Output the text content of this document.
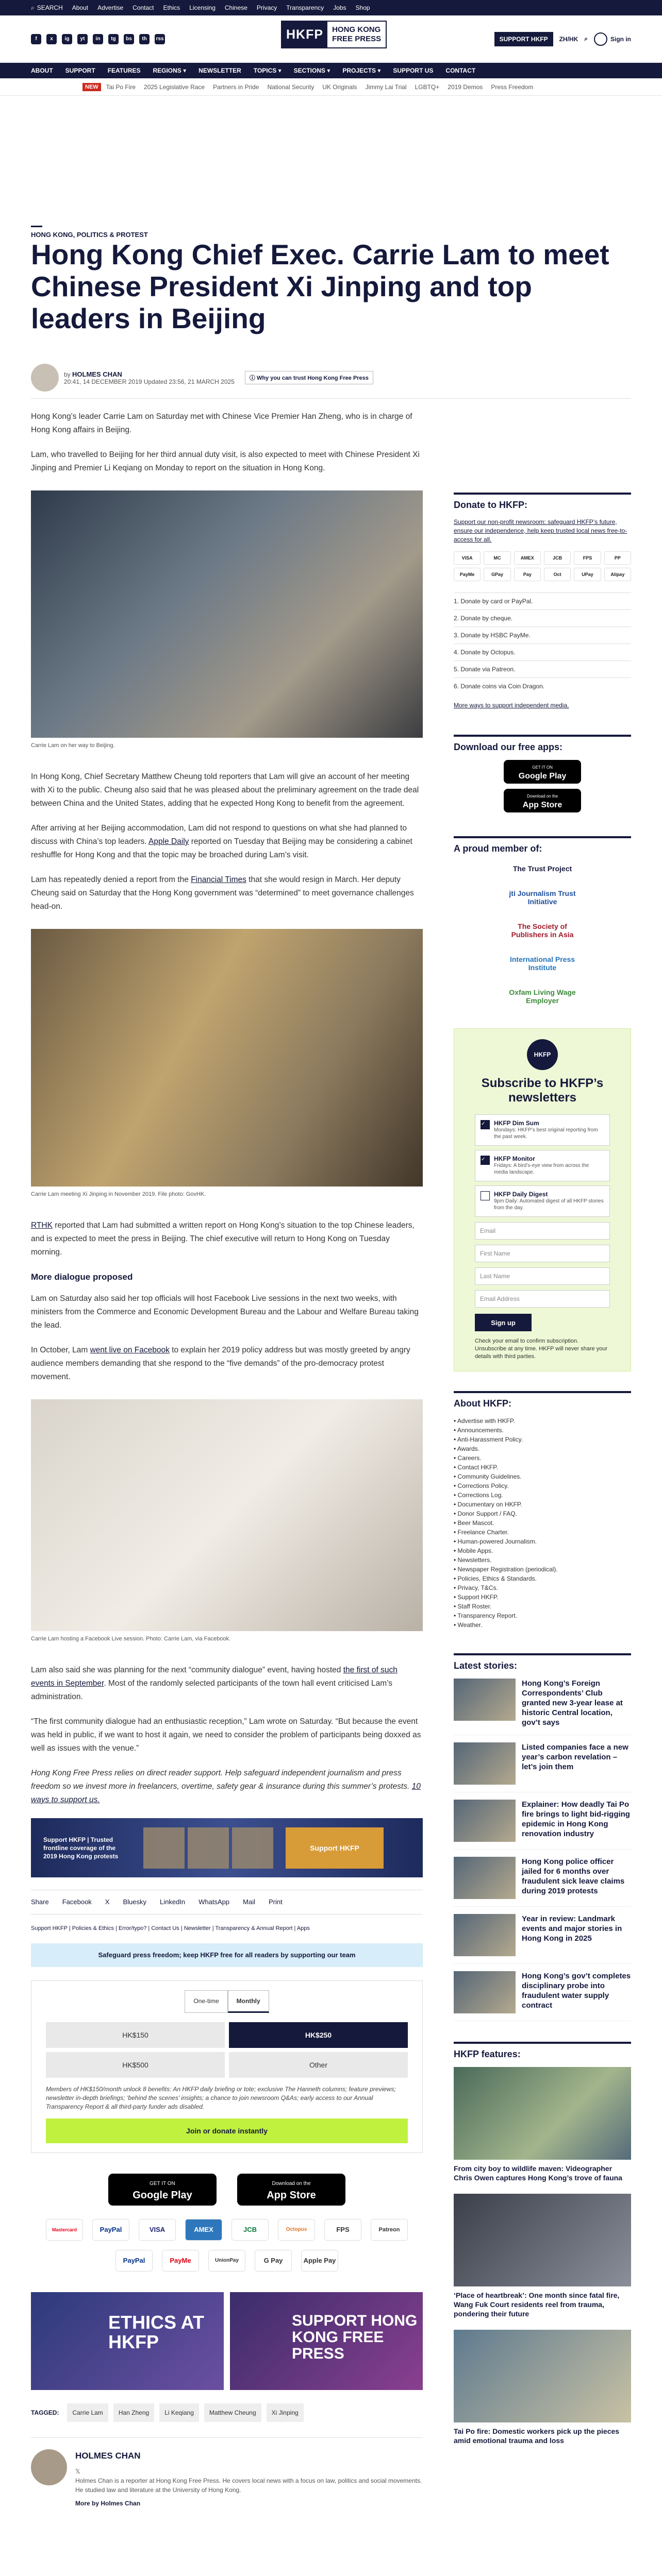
⌕ SEARCH About Advertise Contact Ethics Licensing Chinese Privacy Transparency Jobs Shop
f	x	ig	yt	in	tg	bs	th	rss	HKFP	HONG KONG
FREE PRESS	SUPPORT HKFP	ZH/HK ⌕	Sign in
ABOUT SUPPORT FEATURES REGIONS ▾ NEWSLETTER TOPICS ▾ SECTIONS ▾ PROJECTS ▾ SUPPORT US CONTACT
NEW	Tai Po Fire 2025 Legislative Race Partners in Pride National Security UK Originals Jimmy Lai Trial LGBTQ+ 2019 Demos Press Freedom
HONG KONG, POLITICS & PROTEST
Hong Kong Chief Exec. Carrie Lam to meet Chinese President Xi Jinping and top leaders in Beijing
by HOLMES CHAN
20:41, 14 DECEMBER 2019 Updated 23:56, 21 MARCH 2025	ⓘ Why you can trust Hong Kong Free Press

Hong Kong’s leader Carrie Lam on Saturday met with Chinese Vice Premier Han Zheng, who is in charge of Hong Kong affairs in Beijing.

Lam, who travelled to Beijing for her third annual duty visit, is also expected to meet with Chinese President Xi Jinping and Premier Li Keqiang on Monday to report on the situation in Hong Kong.

Carrie Lam on her way to Beijing.

In Hong Kong, Chief Secretary Matthew Cheung told reporters that Lam will give an account of her meeting with Xi to the public. Cheung also said that he was pleased about the preliminary agreement on the trade deal between China and the United States, adding that he expected Hong Kong to benefit from the agreement.

After arriving at her Beijing accommodation, Lam did not respond to questions on what she had planned to discuss with China’s top leaders. Apple Daily reported on Tuesday that Beijing may be considering a cabinet reshuffle for Hong Kong and that the topic may be broached during Lam’s visit.

Lam has repeatedly denied a report from the Financial Times that she would resign in March. Her deputy Cheung said on Saturday that the Hong Kong government was “determined” to meet governance challenges head-on.

Carrie Lam meeting Xi Jinping in November 2019. File photo: GovHK.

RTHK reported that Lam had submitted a written report on Hong Kong’s situation to the top Chinese leaders, and is expected to meet the press in Beijing. The chief executive will return to Hong Kong on Tuesday morning.

More dialogue proposed

Lam on Saturday also said her top officials will host Facebook Live sessions in the next two weeks, with ministers from the Commerce and Economic Development Bureau and the Labour and Welfare Bureau taking the lead.

In October, Lam went live on Facebook to explain her 2019 policy address but was mostly greeted by angry audience members demanding that she respond to the “five demands” of the pro-democracy protest movement.

Carrie Lam hosting a Facebook Live session. Photo: Carrie Lam, via Facebook.

Lam also said she was planning for the next “community dialogue” event, having hosted the first of such events in September. Most of the randomly selected participants of the town hall event criticised Lam’s administration.

“The first community dialogue had an enthusiastic reception,” Lam wrote on Saturday. “But because the event was held in public, if we want to host it again, we need to consider the problem of participants being doxxed as well as issues with the venue.”

Hong Kong Free Press relies on direct reader support. Help safeguard independent journalism and press freedom so we invest more in freelancers, overtime, safety gear & insurance during this summer’s protests. 10 ways to support us.

Support HKFP | Trusted frontline coverage of the 2019 Hong Kong protests
Support HKFP
Share Facebook X Bluesky LinkedIn WhatsApp Mail Print
Support HKFP | Policies & Ethics | Error/typo? | Contact Us | Newsletter | Transparency & Annual Report | Apps
Safeguard press freedom; keep HKFP free for all readers by supporting our team
One-time	Monthly
HK$150	HK$250
HK$500	Other
Members of HK$150/month unlock 8 benefits: An HKFP daily briefing or tote; exclusive The Hanneth columns; feature previews; newsletter in-depth briefings; ‘behind the scenes’ insights; a chance to join newsroom Q&As; early access to our Annual Transparency Report & all third-party funder ads disabled.
Join or donate instantly
GET IT ON
Google Play
Download on the
App Store
Mastercard	PayPal	VISA	AMEX	JCB	Octopus	FPS	Patreon
PayPal	PayMe	UnionPay	G Pay	Apple Pay
ETHICS AT HKFP
SUPPORT HONG KONG FREE PRESS
TAGGED:	Carrie Lam	Han Zheng	Li Keqiang	Matthew Cheung	Xi Jinping
HOLMES CHAN
𝕏
Holmes Chan is a reporter at Hong Kong Free Press. He covers local news with a focus on law, politics and social movements. He studied law and literature at the University of Hong Kong.
More by Holmes Chan
Donate to HKFP:
Support our non-profit newsroom: safeguard HKFP’s future, ensure our independence, help keep trusted local news free-to-access for all.
VISA	MC	AMEX	JCB	FPS	PP
PayMe	GPay	Pay	Oct	UPay	Alipay
1. Donate by card or PayPal.
2. Donate by cheque.
3. Donate by HSBC PayMe.
4. Donate by Octopus.
5. Donate via Patreon.
6. Donate coins via Coin Dragon.
More ways to support independent media.
Download our free apps:
GET IT ON
Google Play
Download on the
App Store
A proud member of:
The Trust Project
jti Journalism Trust Initiative
The Society of Publishers in Asia
International Press Institute
Oxfam Living Wage Employer
HKFP
Subscribe to HKFP’s newsletters
✓	HKFP Dim Sum
Mondays: HKFP’s best original reporting from the past week.
✓	HKFP Monitor
Fridays: A bird’s-eye view from across the media landscape.
HKFP Daily Digest
9pm Daily: Automated digest of all HKFP stories from the day.
Email
First Name
Last Name
Email Address
Sign up
Check your email to confirm subscription. Unsubscribe at any time. HKFP will never share your details with third parties.
About HKFP:
• Advertise with HKFP.
• Announcements.
• Anti-Harassment Policy.
• Awards.
• Careers.
• Contact HKFP.
• Community Guidelines.
• Corrections Policy.
• Corrections Log.
• Documentary on HKFP.
• Donor Support / FAQ.
• Beer Mascot.
• Freelance Charter.
• Human-powered Journalism.
• Mobile Apps.
• Newsletters.
• Newspaper Registration (periodical).
• Policies, Ethics & Standards.
• Privacy, T&Cs.
• Support HKFP.
• Staff Roster.
• Transparency Report.
• Weather.
Latest stories:
Hong Kong’s Foreign Correspondents’ Club granted new 3-year lease at historic Central location, gov’t says
Listed companies face a new year’s carbon revelation – let’s join them
Explainer: How deadly Tai Po fire brings to light bid-rigging epidemic in Hong Kong renovation industry
Hong Kong police officer jailed for 6 months over fraudulent sick leave claims during 2019 protests
Year in review: Landmark events and major stories in Hong Kong in 2025
Hong Kong’s gov’t completes disciplinary probe into fraudulent water supply contract
HKFP features:
From city boy to wildlife maven: Videographer Chris Owen captures Hong Kong’s trove of fauna
‘Place of heartbreak’: One month since fatal fire, Wang Fuk Court residents reel from trauma, pondering their future
Tai Po fire: Domestic workers pick up the pieces amid emotional trauma and loss
